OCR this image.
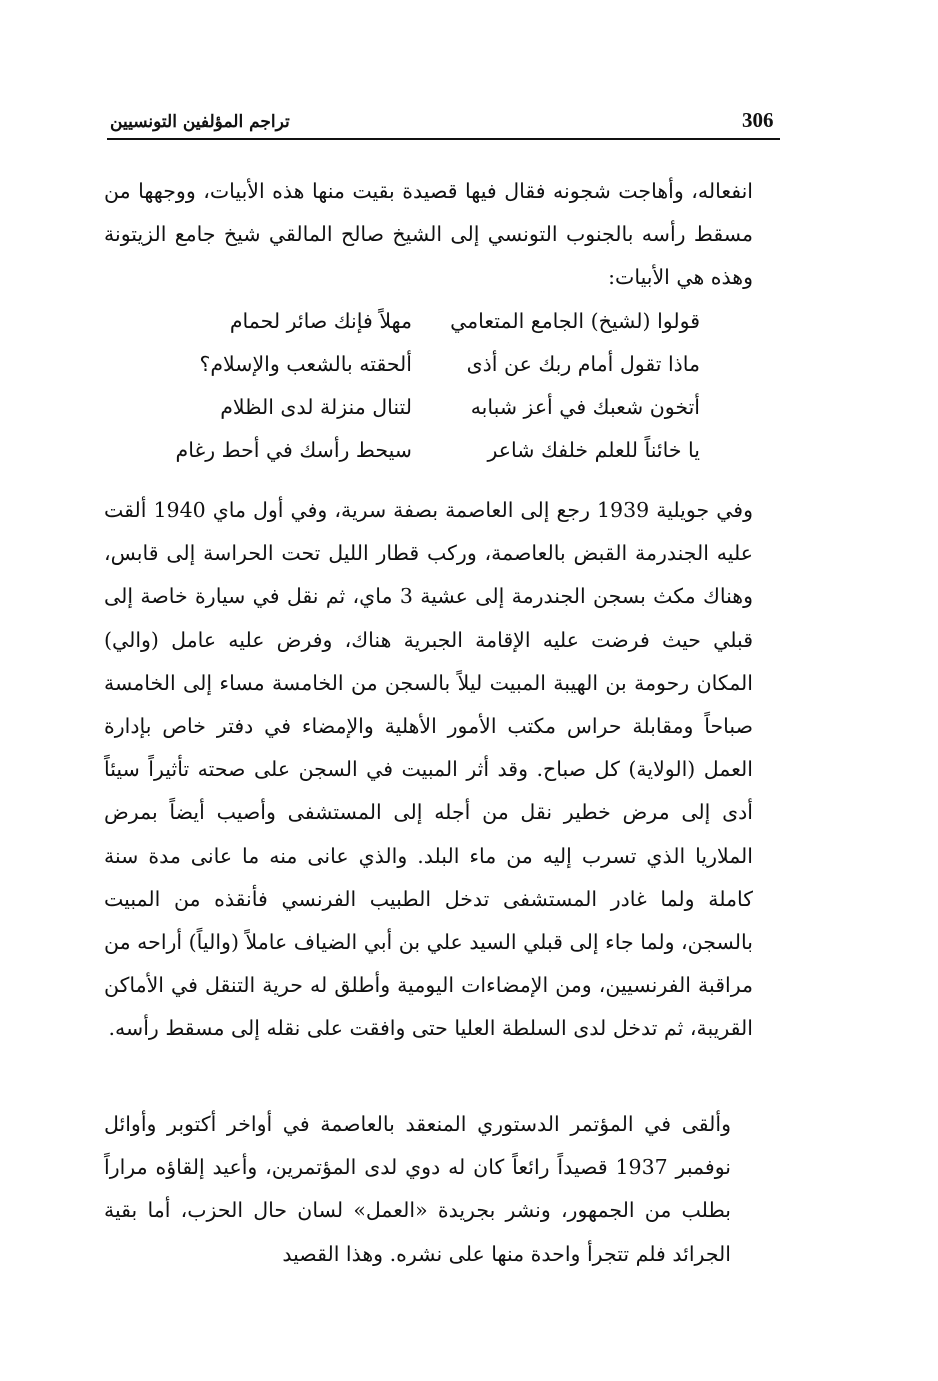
306
تراجم المؤلفين التونسيين

انفعاله، وأهاجت شجونه فقال فيها قصيدة بقيت منها هذه الأبيات، ووجهها من مسقط رأسه بالجنوب التونسي إلى الشيخ صالح المالقي شيخ جامع الزيتونة وهذه هي الأبيات:

قولوا (لشيخ) الجامع المتعامي
مهلاً فإنك صائر لحمام
ماذا تقول أمام ربك عن أذى
ألحقته بالشعب والإسلام؟
أتخون شعبك في أعز شبابه
لتنال منزلة لدى الظلام
يا خائناً للعلم خلفك شاعر
سيحط رأسك في أحط رغام

وفي جويلية 1939 رجع إلى العاصمة بصفة سرية، وفي أول ماي 1940 ألقت عليه الجندرمة القبض بالعاصمة، وركب قطار الليل تحت الحراسة إلى قابس، وهناك مكث بسجن الجندرمة إلى عشية 3 ماي، ثم نقل في سيارة خاصة إلى قبلي حيث فرضت عليه الإقامة الجبرية هناك، وفرض عليه عامل (والي) المكان رحومة بن الهيبة المبيت ليلاً بالسجن من الخامسة مساء إلى الخامسة صباحاً ومقابلة حراس مكتب الأمور الأهلية والإمضاء في دفتر خاص بإدارة العمل (الولاية) كل صباح. وقد أثر المبيت في السجن على صحته تأثيراً سيئاً أدى إلى مرض خطير نقل من أجله إلى المستشفى وأصيب أيضاً بمرض الملاريا الذي تسرب إليه من ماء البلد. والذي عانى منه ما عانى مدة سنة كاملة ولما غادر المستشفى تدخل الطبيب الفرنسي فأنقذه من المبيت بالسجن، ولما جاء إلى قبلي السيد علي بن أبي الضياف عاملاً (والياً) أراحه من مراقبة الفرنسيين، ومن الإمضاءات اليومية وأطلق له حرية التنقل في الأماكن القريبة، ثم تدخل لدى السلطة العليا حتى وافقت على نقله إلى مسقط رأسه.

وألقى في المؤتمر الدستوري المنعقد بالعاصمة في أواخر أكتوبر وأوائل نوفمبر 1937 قصيداً رائعاً كان له دوي لدى المؤتمرين، وأعيد إلقاؤه مراراً بطلب من الجمهور، ونشر بجريدة «العمل» لسان حال الحزب، أما بقية الجرائد فلم تتجرأ واحدة منها على نشره. وهذا القصيد
